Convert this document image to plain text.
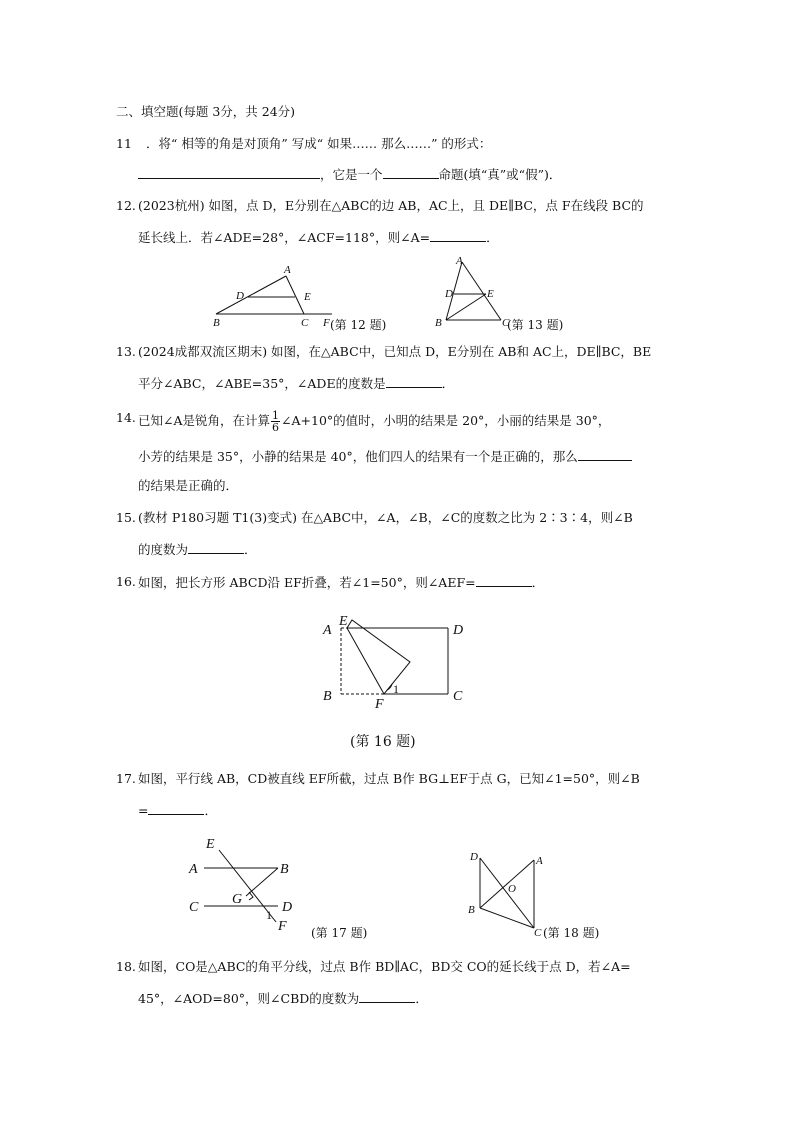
二、填空题(每题 3分，共 24分)
11 ．将“ 相等的角是对顶角” 写成“ 如果…… 那么……” 的形式：
，它是一个	命题(填“真”或“假”)．
12. (2023杭州) 如图，点 D，E分别在△ABC的边 AB，AC上，且 DE∥BC，点 F在线段 BC的
延长线上．若∠ADE=28°，∠ACF=118°，则∠A=	．
A
D	E
B	C F (第 12 题)
A
D	E
B	C
(第 13 题)
13. (2024成都双流区期末) 如图，在△ABC中，已知点 D，E分别在 AB和 AC上，DE∥BC，BE
平分∠ABC，∠ABE=35°，∠ADE的度数是	．
14. 已知∠A是锐角，在计算 $\frac{1}{6}$ ∠A+10°的值时，小明的结果是 20°，小丽的结果是 30°，
小芳的结果是 35°，小静的结果是 40°，他们四人的结果有一个是正确的，那么
的结果是正确的．
15. (教材 P180习题 T1(3)变式) 在△ABC中，∠A，∠B，∠C的度数之比为 2∶3∶4，则∠B
的度数为	．
16. 如图，把长方形 ABCD沿 EF折叠，若∠1=50°，则∠AEF=	．
A
E
D
B
F
1	C
(第 16 题)
17. 如图，平行线 AB，CD被直线 EF所截，过点 B作 BG⊥EF于点 G，已知∠1=50°，则∠B
=	．
E
A	B
C
G
D
1
F (第 17 题)
D	A
O
B
C (第 18 题)
18. 如图，CO是△ABC的角平分线，过点 B作 BD∥AC，BD交 CO的延长线于点 D，若∠A=
45°，∠AOD=80°，则∠CBD的度数为	．
